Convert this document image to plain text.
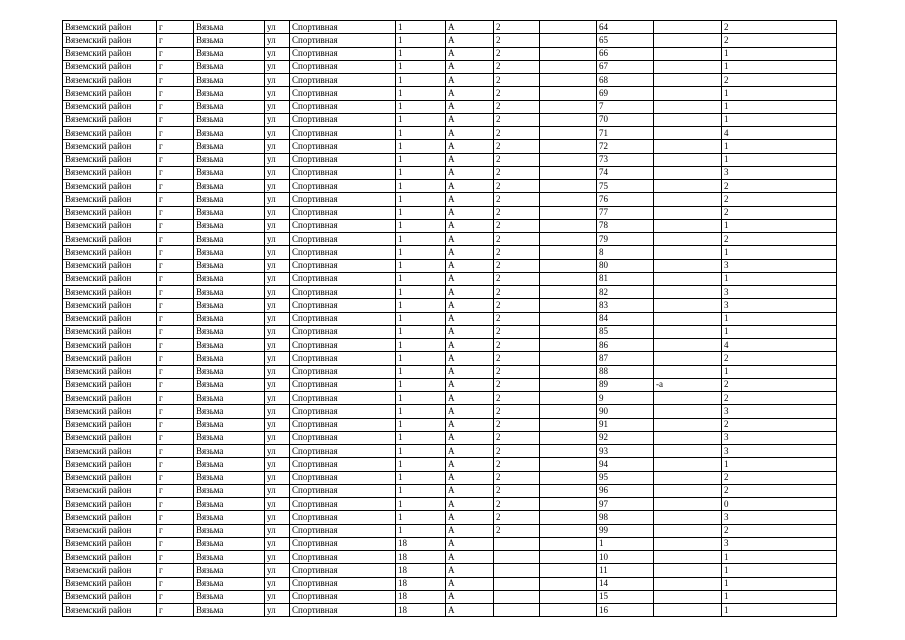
Вяземский район	г	Вязьма	ул	Спортивная	1	А	2		64		2
Вяземский район	г	Вязьма	ул	Спортивная	1	А	2		65		2
Вяземский район	г	Вязьма	ул	Спортивная	1	А	2		66		1
Вяземский район	г	Вязьма	ул	Спортивная	1	А	2		67		1
Вяземский район	г	Вязьма	ул	Спортивная	1	А	2		68		2
Вяземский район	г	Вязьма	ул	Спортивная	1	А	2		69		1
Вяземский район	г	Вязьма	ул	Спортивная	1	А	2		7		1
Вяземский район	г	Вязьма	ул	Спортивная	1	А	2		70		1
Вяземский район	г	Вязьма	ул	Спортивная	1	А	2		71		4
Вяземский район	г	Вязьма	ул	Спортивная	1	А	2		72		1
Вяземский район	г	Вязьма	ул	Спортивная	1	А	2		73		1
Вяземский район	г	Вязьма	ул	Спортивная	1	А	2		74		3
Вяземский район	г	Вязьма	ул	Спортивная	1	А	2		75		2
Вяземский район	г	Вязьма	ул	Спортивная	1	А	2		76		2
Вяземский район	г	Вязьма	ул	Спортивная	1	А	2		77		2
Вяземский район	г	Вязьма	ул	Спортивная	1	А	2		78		1
Вяземский район	г	Вязьма	ул	Спортивная	1	А	2		79		2
Вяземский район	г	Вязьма	ул	Спортивная	1	А	2		8		1
Вяземский район	г	Вязьма	ул	Спортивная	1	А	2		80		3
Вяземский район	г	Вязьма	ул	Спортивная	1	А	2		81		1
Вяземский район	г	Вязьма	ул	Спортивная	1	А	2		82		3
Вяземский район	г	Вязьма	ул	Спортивная	1	А	2		83		3
Вяземский район	г	Вязьма	ул	Спортивная	1	А	2		84		1
Вяземский район	г	Вязьма	ул	Спортивная	1	А	2		85		1
Вяземский район	г	Вязьма	ул	Спортивная	1	А	2		86		4
Вяземский район	г	Вязьма	ул	Спортивная	1	А	2		87		2
Вяземский район	г	Вязьма	ул	Спортивная	1	А	2		88		1
Вяземский район	г	Вязьма	ул	Спортивная	1	А	2		89	-а	2
Вяземский район	г	Вязьма	ул	Спортивная	1	А	2		9		2
Вяземский район	г	Вязьма	ул	Спортивная	1	А	2		90		3
Вяземский район	г	Вязьма	ул	Спортивная	1	А	2		91		2
Вяземский район	г	Вязьма	ул	Спортивная	1	А	2		92		3
Вяземский район	г	Вязьма	ул	Спортивная	1	А	2		93		3
Вяземский район	г	Вязьма	ул	Спортивная	1	А	2		94		1
Вяземский район	г	Вязьма	ул	Спортивная	1	А	2		95		2
Вяземский район	г	Вязьма	ул	Спортивная	1	А	2		96		2
Вяземский район	г	Вязьма	ул	Спортивная	1	А	2		97		0
Вяземский район	г	Вязьма	ул	Спортивная	1	А	2		98		3
Вяземский район	г	Вязьма	ул	Спортивная	1	А	2		99		2
Вяземский район	г	Вязьма	ул	Спортивная	18	А			1		3
Вяземский район	г	Вязьма	ул	Спортивная	18	А			10		1
Вяземский район	г	Вязьма	ул	Спортивная	18	А			11		1
Вяземский район	г	Вязьма	ул	Спортивная	18	А			14		1
Вяземский район	г	Вязьма	ул	Спортивная	18	А			15		1
Вяземский район	г	Вязьма	ул	Спортивная	18	А			16		1
